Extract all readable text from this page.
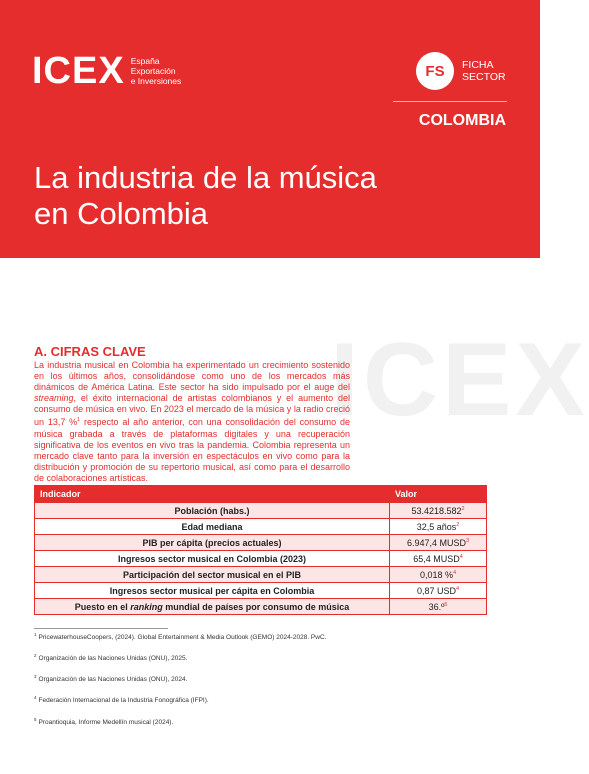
ICEX España
Exportación
e Inversiones
FS	FICHA
SECTOR
COLOMBIA
La industria de la música
en Colombia
ICEX
A. CIFRAS CLAVE

La industria musical en Colombia ha experimentado un crecimiento sostenido en los últimos años, consolidándose como uno de los mercados más dinámicos de América Latina. Este sector ha sido impulsado por el auge del streaming, el éxito internacional de artistas colombianos y el aumento del consumo de música en vivo. En 2023 el mercado de la música y la radio creció un 13,7 %$^1$ respecto al año anterior, con una consolidación del consumo de música grabada a través de plataformas digitales y una recuperación significativa de los eventos en vivo tras la pandemia. Colombia representa un mercado clave tanto para la inversión en espectáculos en vivo como para la distribución y promoción de su repertorio musical, así como para el desarrollo de colaboraciones artísticas.

Indicador	Valor
Población (habs.)	53.4218.582$^2$
Edad mediana	32,5 años$^2$
PIB per cápita (precios actuales)	6.947,4 MUSD$^3$
Ingresos sector musical en Colombia (2023)	65,4 MUSD$^4$
Participación del sector musical en el PIB	0,018 %$^4$
Ingresos sector musical per cápita en Colombia	0,87 USD$^4$
Puesto en el ranking mundial de países por consumo de música	36.º$^5$

$^1$ PricewaterhouseCoopers, (2024). Global Entertainment & Media Outlook (GEMO) 2024-2028. PwC.

$^2$ Organización de las Naciones Unidas (ONU), 2025.

$^3$ Organización de las Naciones Unidas (ONU), 2024.

$^4$ Federación Internacional de la Industria Fonográfica (IFPI).

$^5$ Proantioquia, Informe Medellín musical (2024).
